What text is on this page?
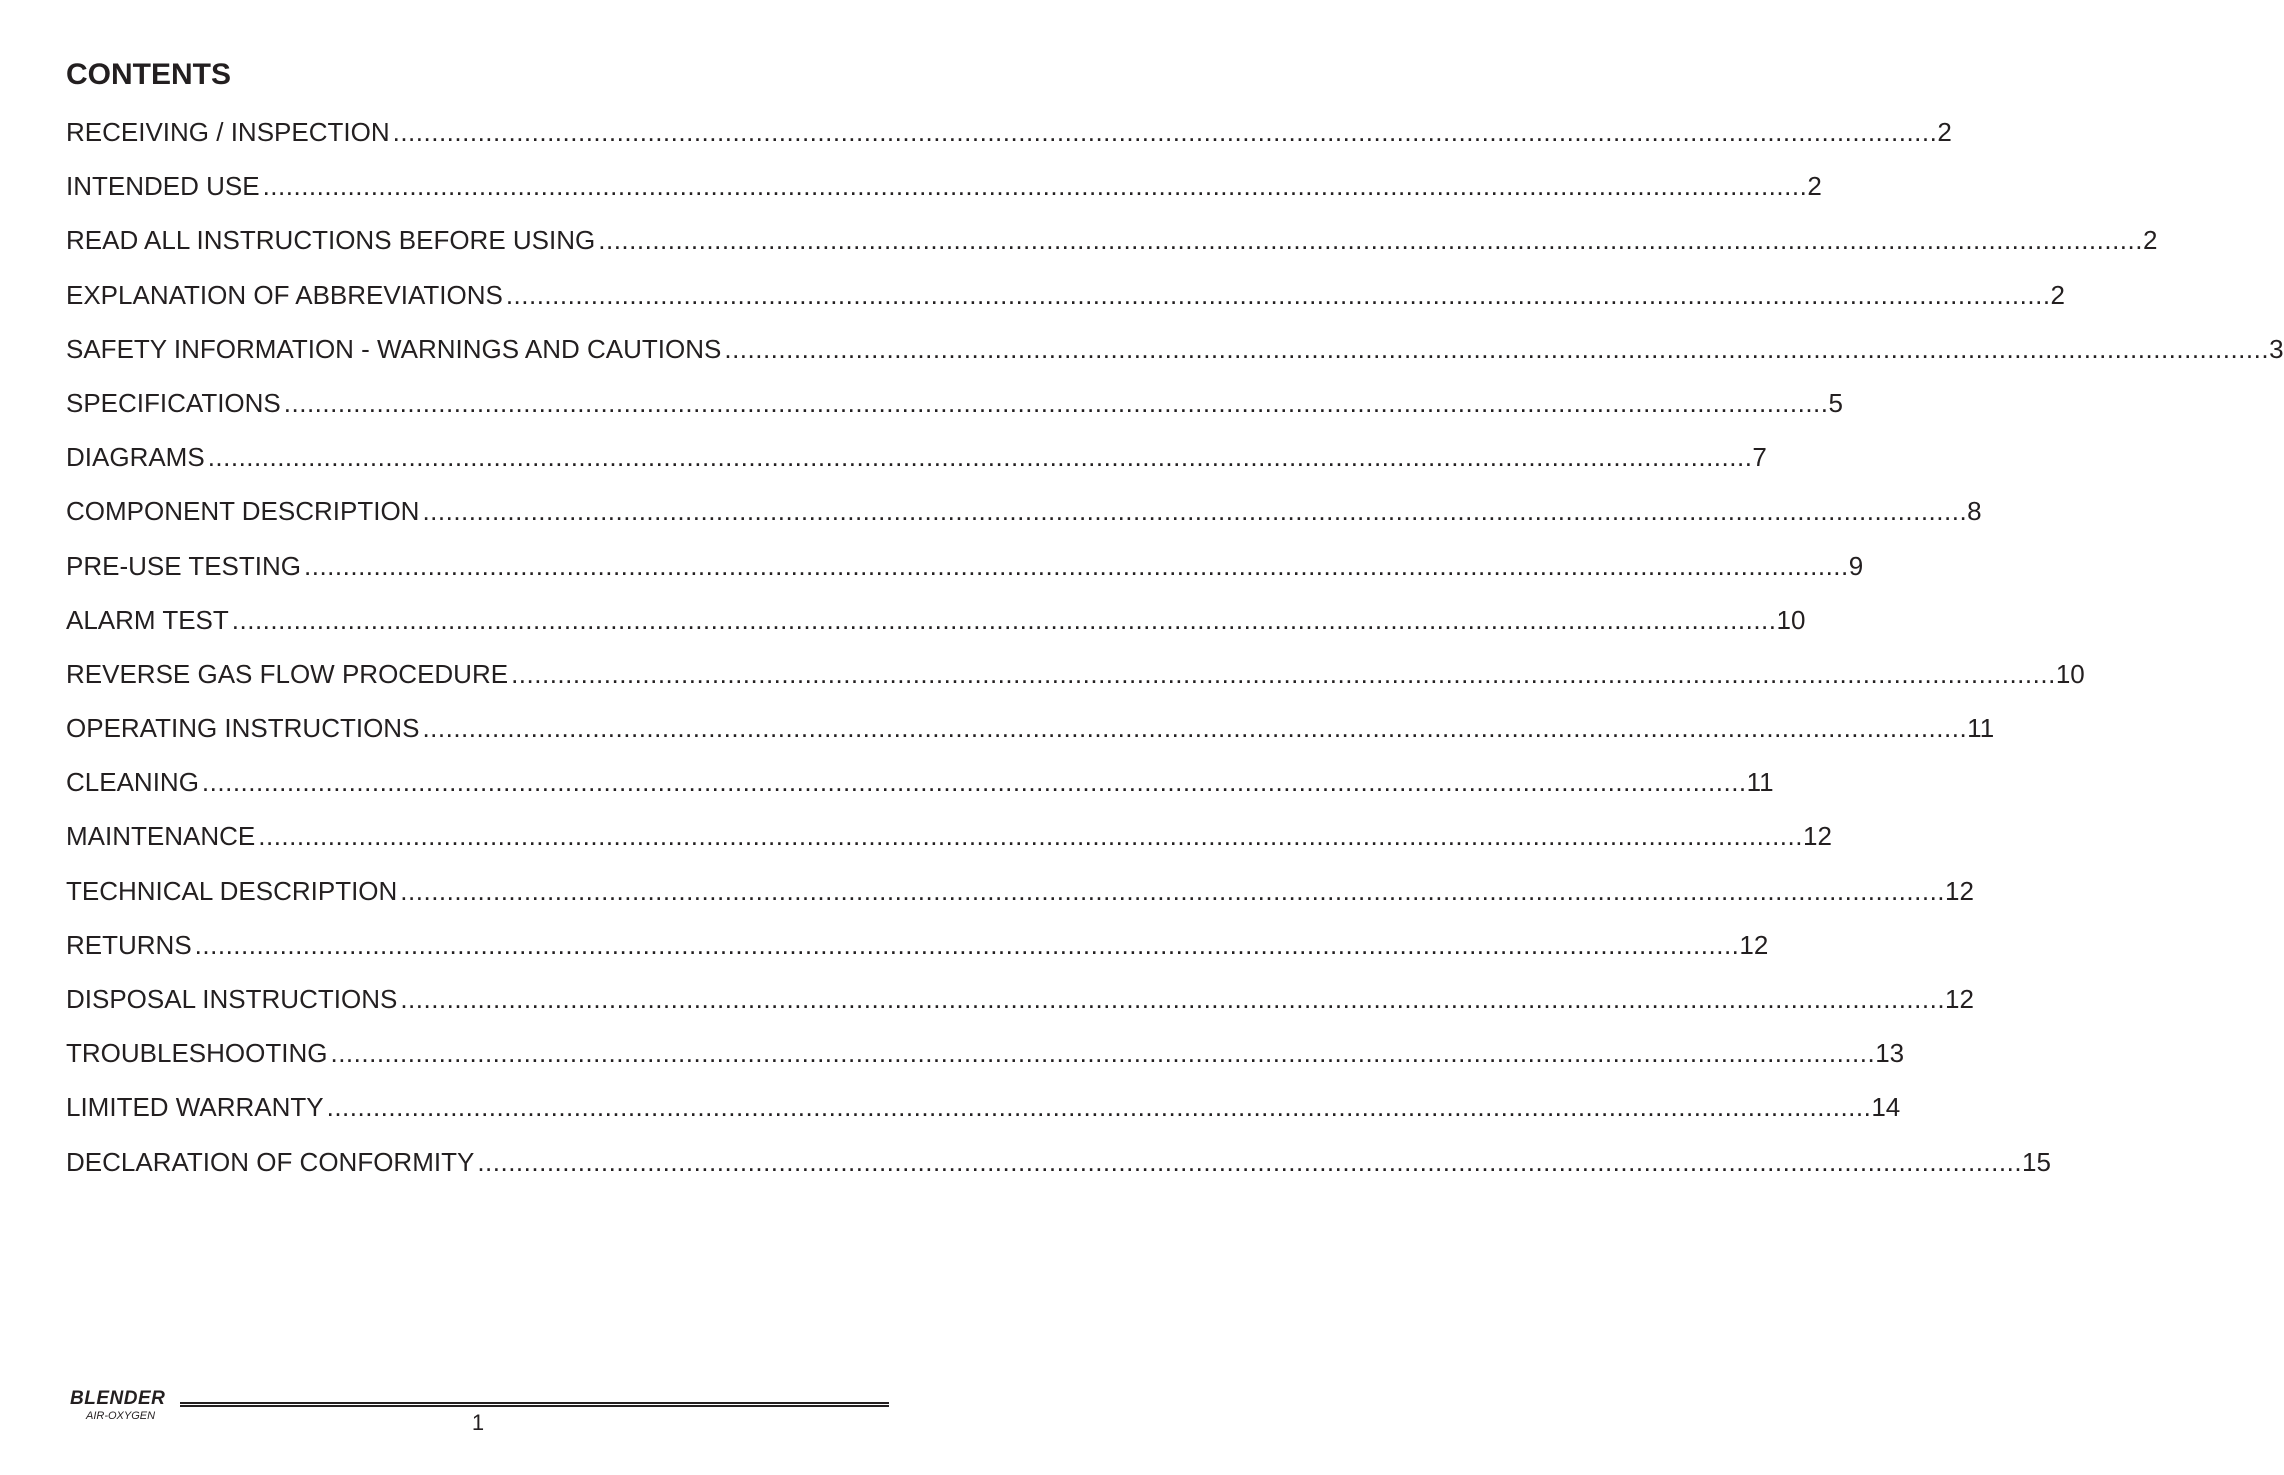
CONTENTS
RECEIVING / INSPECTION ........................................................................................................................................................................................................ 2
INTENDED USE ........................................................................................................................................................................................................ 2
READ ALL INSTRUCTIONS BEFORE USING ........................................................................................................................................................................................................ 2
EXPLANATION OF ABBREVIATIONS ........................................................................................................................................................................................................ 2
SAFETY INFORMATION - WARNINGS AND CAUTIONS ........................................................................................................................................................................................................ 3
SPECIFICATIONS ........................................................................................................................................................................................................ 5
DIAGRAMS ........................................................................................................................................................................................................ 7
COMPONENT DESCRIPTION ........................................................................................................................................................................................................ 8
PRE-USE TESTING ........................................................................................................................................................................................................ 9
ALARM TEST ........................................................................................................................................................................................................ 10
REVERSE GAS FLOW PROCEDURE ........................................................................................................................................................................................................ 10
OPERATING INSTRUCTIONS ........................................................................................................................................................................................................ 11
CLEANING ........................................................................................................................................................................................................ 11
MAINTENANCE ........................................................................................................................................................................................................ 12
TECHNICAL DESCRIPTION ........................................................................................................................................................................................................ 12
RETURNS ........................................................................................................................................................................................................ 12
DISPOSAL INSTRUCTIONS ........................................................................................................................................................................................................ 12
TROUBLESHOOTING ........................................................................................................................................................................................................ 13
LIMITED WARRANTY ........................................................................................................................................................................................................ 14
DECLARATION OF CONFORMITY ........................................................................................................................................................................................................ 15
BLENDER
AIR-OXYGEN	1
